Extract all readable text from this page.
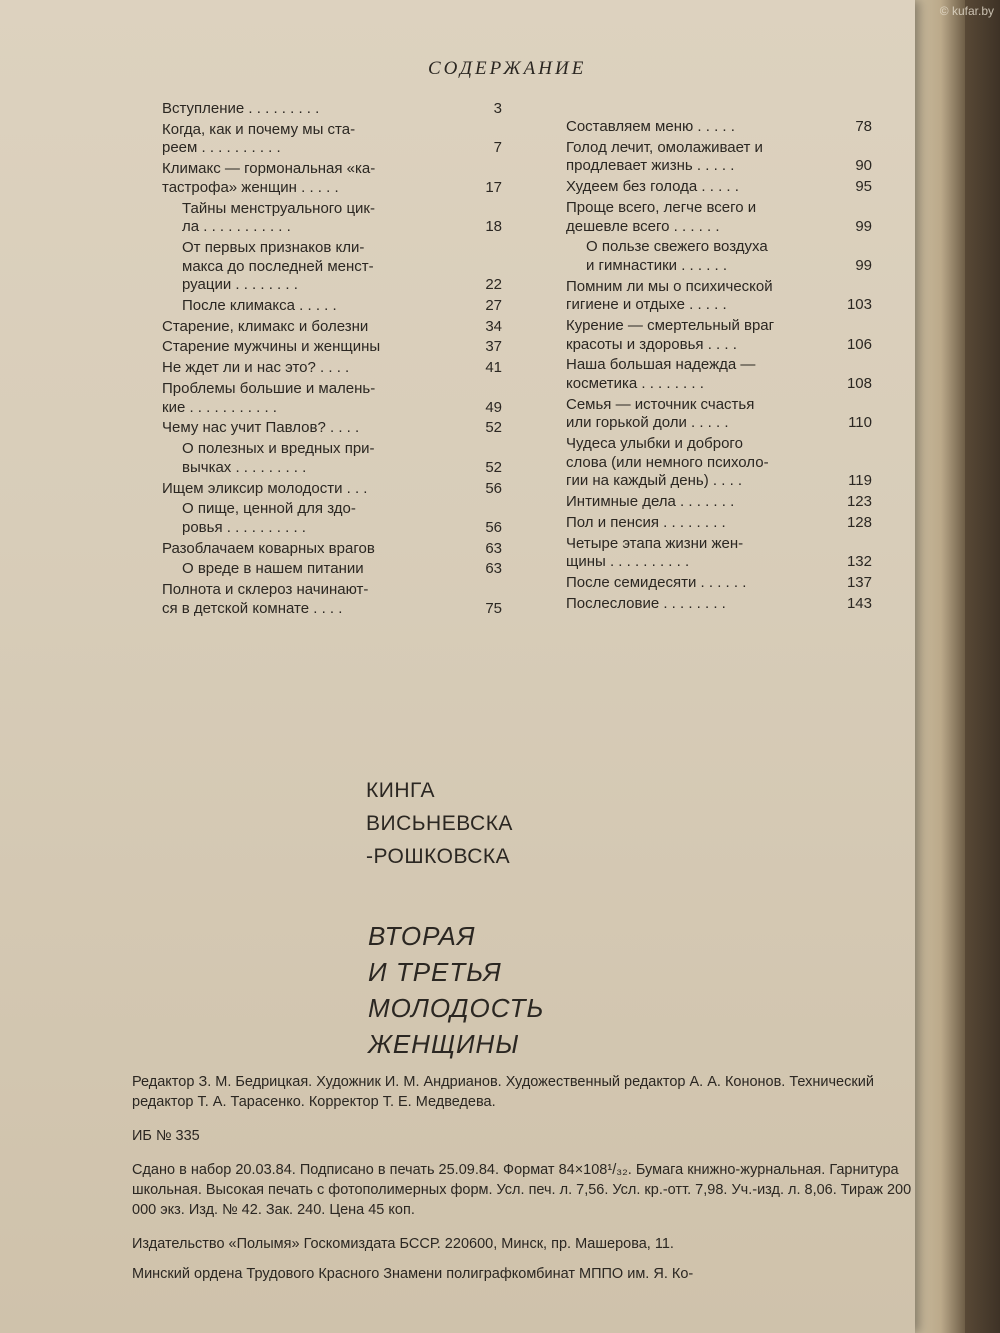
СОДЕРЖАНИЕ
Вступление . . . . . . . . .	3
Когда, как и почему мы ста-
реем . . . . . . . . . .	7
Климакс — гормональная «ка-
тастрофа» женщин . . . . .	17
Тайны менструального цик-
ла . . . . . . . . . . .	18
От первых признаков кли-
макса до последней менст-
руации . . . . . . . .	22
После климакса . . . . .	27
Старение, климакс и болезни	34
Старение мужчины и женщины	37
Не ждет ли и нас это? . . . .	41
Проблемы большие и малень-
кие . . . . . . . . . . .	49
Чему нас учит Павлов? . . . .	52
О полезных и вредных при-
вычках . . . . . . . . .	52
Ищем эликсир молодости . . .	56
О пище, ценной для здо-
ровья . . . . . . . . . .	56
Разоблачаем коварных врагов	63
О вреде в нашем питании	63
Полнота и склероз начинают-
ся в детской комнате . . . .	75
Составляем меню . . . . .	78
Голод лечит, омолаживает и
продлевает жизнь . . . . .	90
Худеем без голода . . . . .	95
Проще всего, легче всего и
дешевле всего . . . . . .	99
О пользе свежего воздуха
и гимнастики . . . . . .	99
Помним ли мы о психической
гигиене и отдыхе . . . . .	103
Курение — смертельный враг
красоты и здоровья . . . .	106
Наша большая надежда —
косметика . . . . . . . .	108
Семья — источник счастья
или горькой доли . . . . .	110
Чудеса улыбки и доброго
слова (или немного психоло-
гии на каждый день) . . . .	119
Интимные дела . . . . . . .	123
Пол и пенсия . . . . . . . .	128
Четыре этапа жизни жен-
щины . . . . . . . . . .	132
После семидесяти . . . . . .	137
Послесловие . . . . . . . .	143
КИНГА
ВИСЬНЕВСКА
-РОШКОВСКА
ВТОРАЯ
И ТРЕТЬЯ
МОЛОДОСТЬ
ЖЕНЩИНЫ

Редактор З. М. Бедрицкая. Художник И. М. Андрианов. Художественный редактор А. А. Кононов. Технический редактор Т. А. Тарасенко. Корректор Т. Е. Медведева.

ИБ № 335

Сдано в набор 20.03.84. Подписано в печать 25.09.84. Формат 84×108¹/₃₂. Бумага книжно-журнальная. Гарнитура школьная. Высокая печать с фотополимерных форм. Усл. печ. л. 7,56. Усл. кр.-отт. 7,98. Уч.-изд. л. 8,06. Тираж 200 000 экз. Изд. № 42. Зак. 240. Цена 45 коп.

Издательство «Полымя» Госкомиздата БССР. 220600, Минск, пр. Машерова, 11.

Минский ордена Трудового Красного Знамени полиграфкомбинат МППО им. Я. Ко-

© kufar.by
